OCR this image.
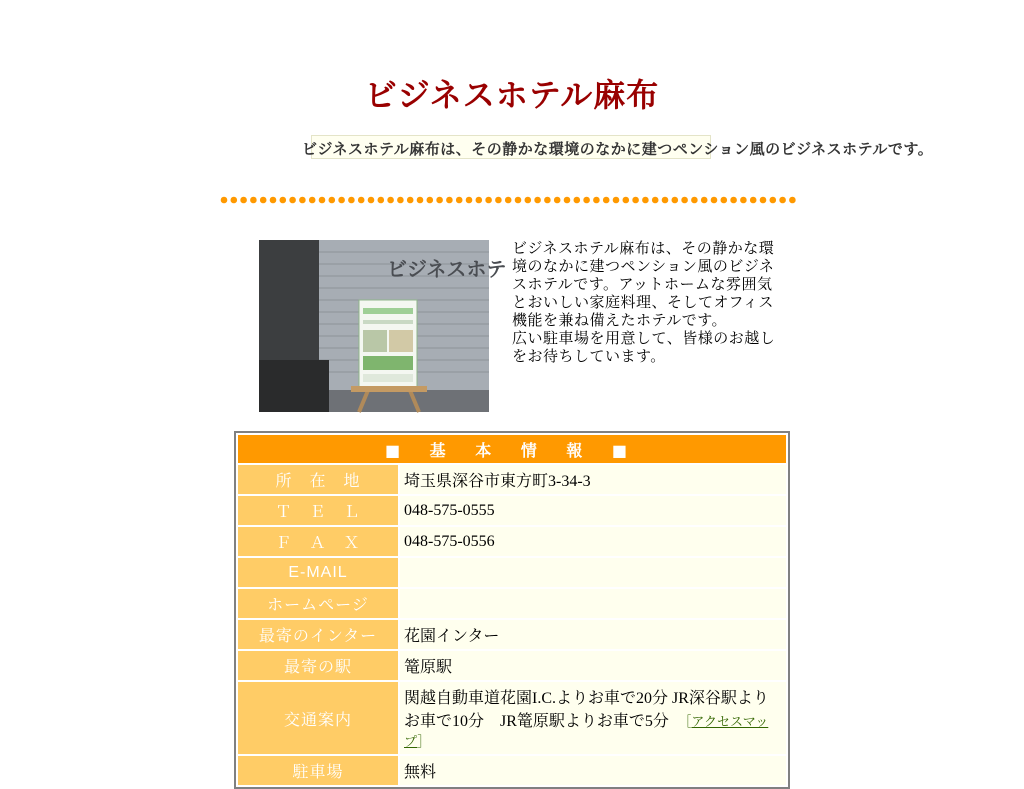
ビジネスホテル麻布
ビジネスホテル麻布は、その静かな環境のなかに建つペンション風のビジネスホテルです。
ビジネスホテ
ビジネスホテル麻布は、その静かな環境のなかに建つペンション風のビジネスホテルです。アットホームな雰囲気とおいしい家庭料理、そしてオフィス機能を兼ね備えたホテルです。
広い駐車場を用意して、皆様のお越しをお待ちしています。
■ 基 本 情 報 ■	
所　在　地	埼玉県深谷市東方町3-34-3
Ｔ　Ｅ　Ｌ	048-575-0555
Ｆ　Ａ　Ｘ	048-575-0556
E-MAIL	
ホームページ	
最寄のインター	花園インター
最寄の駅	篭原駅
交通案内	関越自動車道花園I.C.よりお車で20分 JR深谷駅よりお車で10分　JR篭原駅よりお車で5分　［アクセスマップ］
駐車場	無料
